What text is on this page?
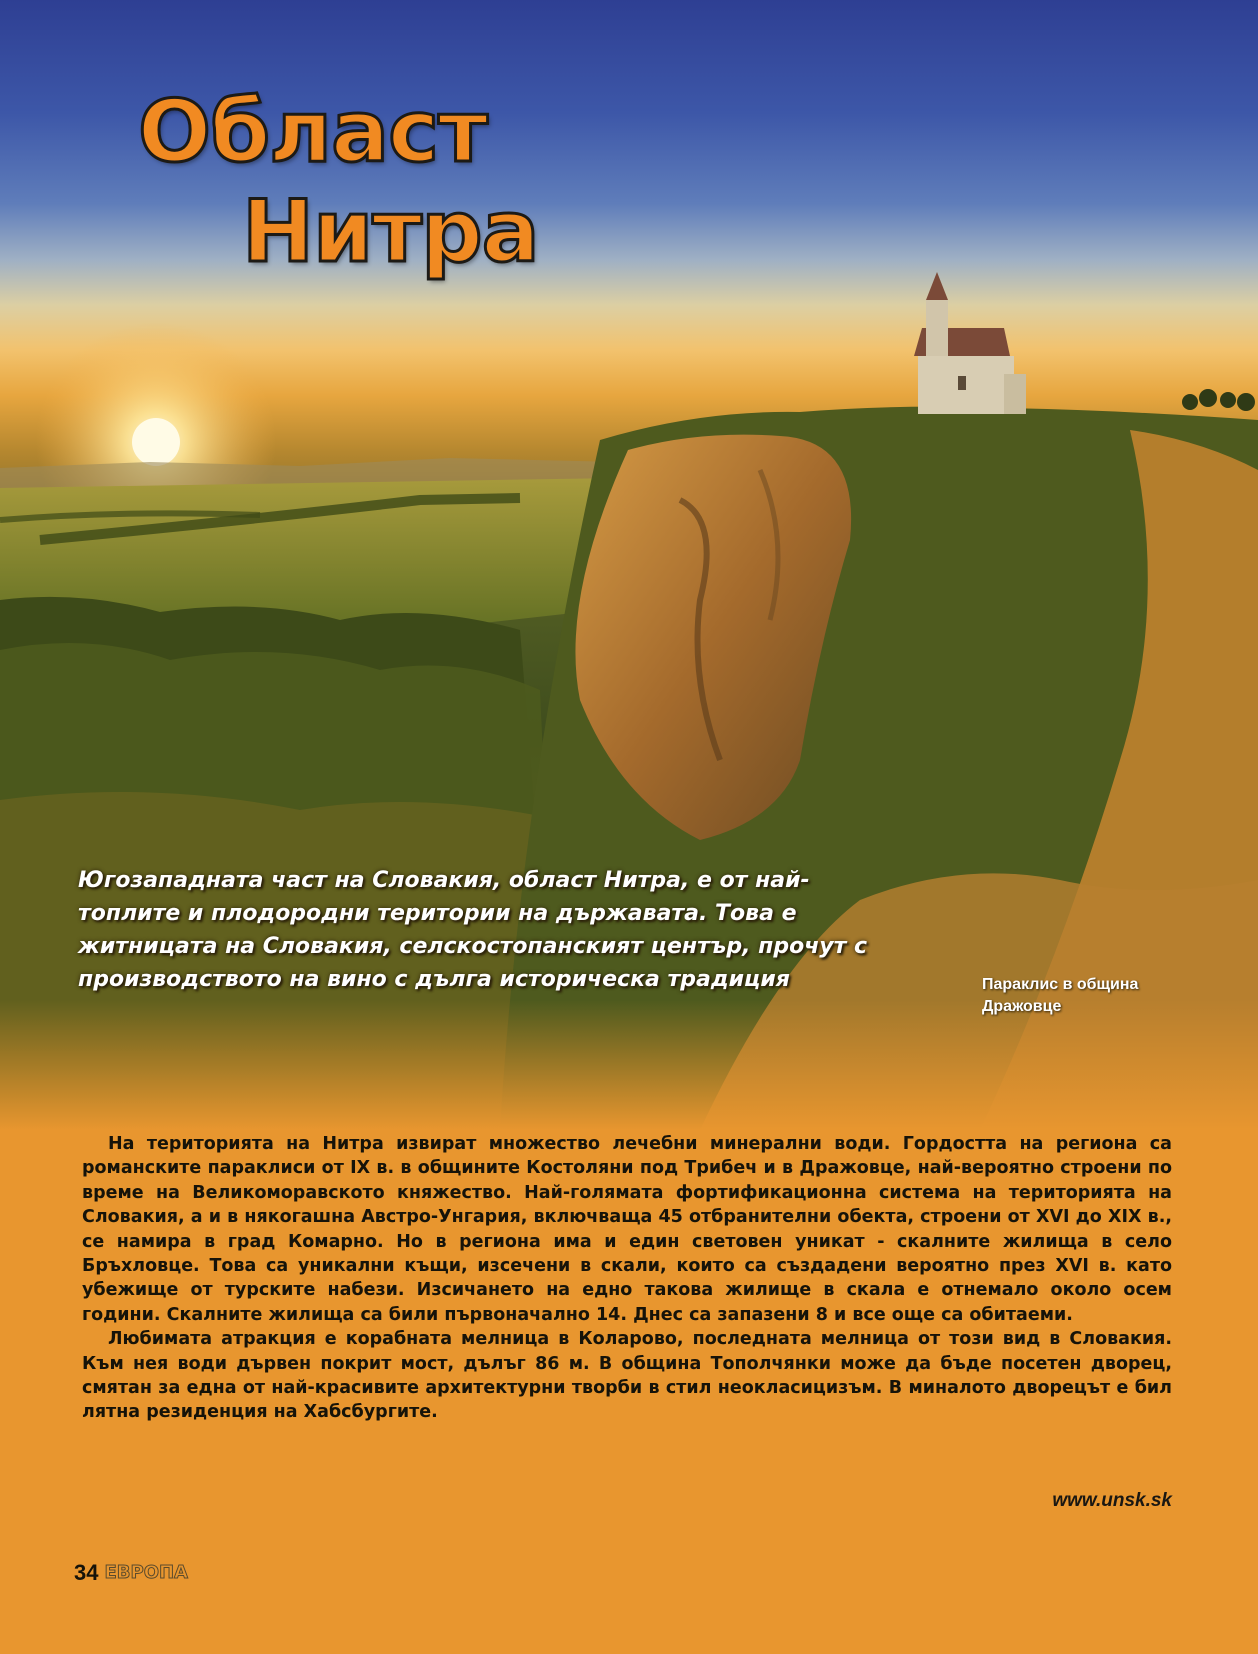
Област
Нитра

Югозападната част на Словакия, област Нитра, е от най-топлите и плодородни територии на държавата. Това е житницата на Словакия, селскостопанският център, прочут с производството на вино с дълга историческа традиция	Параклис в община Дражовце

На територията на Нитра извират множество лечебни минерални води. Гордостта на региона са романските параклиси от IX в. в общините Костоляни под Трибеч и в Дражовце, най-вероятно строени по време на Великоморавското княжество. Най-голямата фортификационна система на територията на Словакия, а и в някогашна Австро-Унгария, включваща 45 отбранителни обекта, строени от XVI до XIX в., се намира в град Комарно. Но в региона има и един световен уникат - скалните жилища в село Бръхловце. Това са уникални къщи, изсечени в скали, които са създадени вероятно през XVI в. като убежище от турските набези. Изсичането на едно такова жилище в скала е отнемало около осем години. Скалните жилища са били първоначално 14. Днес са запазени 8 и все още са обитаеми.

Любимата атракция е корабната мелница в Коларово, последната мелница от този вид в Словакия. Към нея води дървен покрит мост, дълъг 86 м. В община Тополчянки може да бъде посетен дворец, смятан за една от най-красивите архитектурни творби в стил неокласицизъм. В миналото дворецът е бил лятна резиденция на Хабсбургите.

www.unsk.sk

34 ЕВРОПА
